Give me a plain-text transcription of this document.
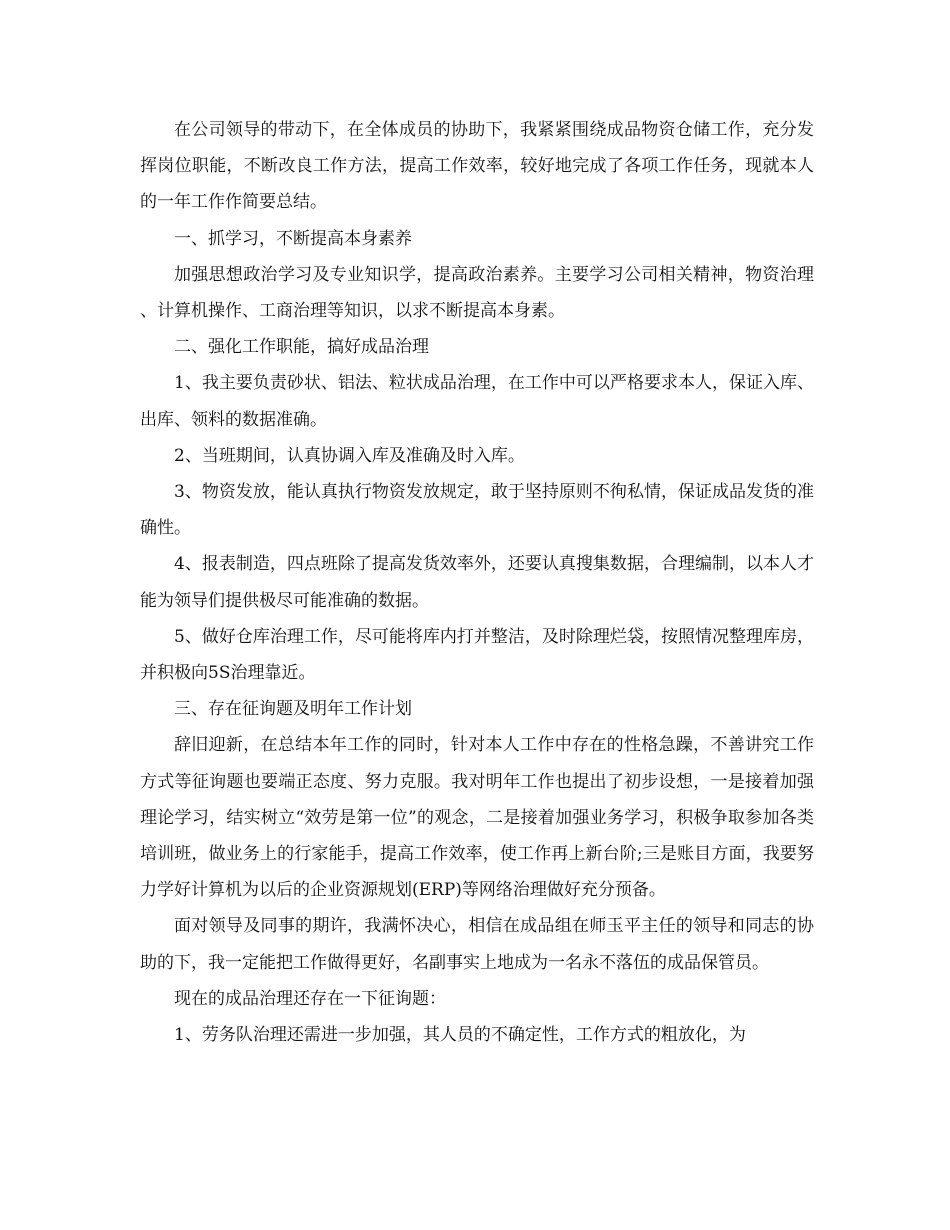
在公司领导的带动下，在全体成员的协助下，我紧紧围绕成品物资仓储工作，充分发挥岗位职能，不断改良工作方法，提高工作效率，较好地完成了各项工作任务，现就本人的一年工作作简要总结。

一、抓学习，不断提高本身素养

加强思想政治学习及专业知识学，提高政治素养。主要学习公司相关精神，物资治理、计算机操作、工商治理等知识，以求不断提高本身素。

二、强化工作职能，搞好成品治理

1、我主要负责砂状、铝法、粒状成品治理，在工作中可以严格要求本人，保证入库、出库、领料的数据准确。

2、当班期间，认真协调入库及准确及时入库。

3、物资发放，能认真执行物资发放规定，敢于坚持原则不徇私情，保证成品发货的准确性。

4、报表制造，四点班除了提高发货效率外，还要认真搜集数据，合理编制，以本人才能为领导们提供极尽可能准确的数据。

5、做好仓库治理工作，尽可能将库内打并整洁，及时除理烂袋，按照情况整理库房，并积极向5S治理靠近。

三、存在征询题及明年工作计划

辞旧迎新，在总结本年工作的同时，针对本人工作中存在的性格急躁，不善讲究工作方式等征询题也要端正态度、努力克服。我对明年工作也提出了初步设想，一是接着加强理论学习，结实树立“效劳是第一位”的观念，二是接着加强业务学习，积极争取参加各类培训班，做业务上的行家能手，提高工作效率，使工作再上新台阶;三是账目方面，我要努力学好计算机为以后的企业资源规划(ERP)等网络治理做好充分预备。

面对领导及同事的期许，我满怀决心，相信在成品组在师玉平主任的领导和同志的协助的下，我一定能把工作做得更好，名副事实上地成为一名永不落伍的成品保管员。

现在的成品治理还存在一下征询题：

1、劳务队治理还需进一步加强，其人员的不确定性，工作方式的粗放化，为
